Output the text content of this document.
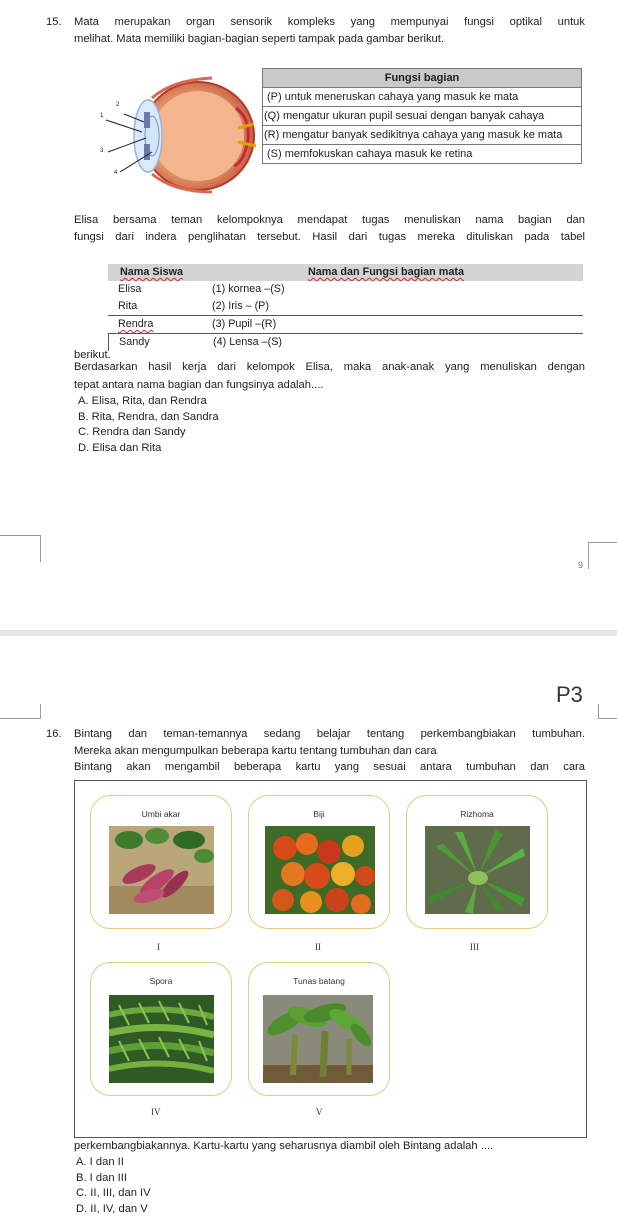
15. Mata merupakan organ sensorik kompleks yang mempunyai fungsi optikal untuk
melihat. Mata memiliki bagian-bagian seperti tampak pada gambar berikut.
1
2
3
4
Fungsi bagian
(P) untuk meneruskan cahaya yang masuk ke mata
(Q) mengatur ukuran pupil sesuai dengan banyak cahaya
(R) mengatur banyak sedikitnya cahaya yang masuk ke mata
(S) memfokuskan cahaya masuk ke retina
Elisa bersama teman kelompoknya mendapat tugas menuliskan nama bagian dan
fungsi dari indera penglihatan tersebut. Hasil dari tugas mereka dituliskan pada tabel
Nama Siswa	Nama dan Fungsi bagian mata
Elisa	(1) kornea –(S)
Rita	(2) Iris – (P)
Rendra	(3) Pupil –(R)
Sandy	(4) Lensa –(S)
berikut.
Berdasarkan hasil kerja dari kelompok Elisa, maka anak-anak yang menuliskan dengan
tepat antara nama bagian dan fungsinya adalah....
A. Elisa, Rita, dan Rendra
B. Rita, Rendra, dan Sandra
C. Rendra dan Sandy
D. Elisa dan Rita
9
P3
16. Bintang dan teman-temannya sedang belajar tentang perkembangbiakan tumbuhan.
Mereka akan mengumpulkan beberapa kartu tentang tumbuhan dan cara
Bintang akan mengambil beberapa kartu yang sesuai antara tumbuhan dan cara
Umbi akar
I
Biji
II
Rizhoma
III
Spora
IV
Tunas batang
V
perkembangbiakannya. Kartu-kartu yang seharusnya diambil oleh Bintang adalah ....
A. I dan II
B. I dan III
C. II, III, dan IV
D. II, IV, dan V
